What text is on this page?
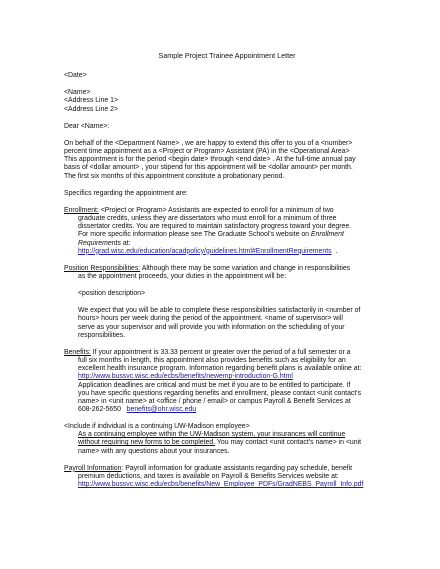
Sample Project Trainee Appointment Letter

<Date>

<Name>

<Address Line 1>

<Address Line 2>

Dear <Name>:

On behalf of the <Department Name> , we are happy to extend this offer to you of a <number>

percent time appointment as a <Project or Program> Assistant (PA) in the <Operational Area>

This appointment is for the period <begin date> through <end date> . At the full-time annual pay

basis of <dollar amount> , your stipend for this appointment will be <dollar amount> per month.

The first six months of this appointment constitute a probationary period.

Specifics regarding the appointment are:

Enrollment: <Project or Program> Assistants are expected to enroll for a minimum of two

graduate credits, unless they are dissertators who must enroll for a minimum of three

dissertator credits. You are required to maintain satisfactory progress toward your degree.

For more specific information please see The Graduate School's website on Enrollment

Requirements at:

http://grad.wisc.edu/education/acadpolicy/guidelines.html#EnrollmentRequirements .

Position Responsibilities: Although there may be some variation and change in responsibilities

as the appointment proceeds, your duties in the appointment will be:

<position description>

We expect that you will be able to complete these responsibilities satisfactorily in <number of

hours> hours per week during the period of the appointment. <name of supervisor> will

serve as your supervisor and will provide you with information on the scheduling of your

responsibilities.

Benefits: If your appointment is 33.33 percent or greater over the period of a full semester or a

full six months in length, this appointment also provides benefits such as eligibility for an

excellent health insurance program. Information regarding benefit plans is available online at:

http://www.bussvc.wisc.edu/ecbs/benefits/newemp-introduction-G.html

Application deadlines are critical and must be met if you are to be entitled to participate. If

you have specific questions regarding benefits and enrollment, please contact <unit contact's

name> in <unit name> at <office / phone / email> or campus Payroll & Benefit Services at

608-262-5650 benefits@ohr.wisc.edu

<Include if individual is a continuing UW-Madison employee>

As a continuing employee within the UW-Madison system, your insurances will continue

without requiring new forms to be completed. You may contact <unit contact's name> in <unit

name> with any questions about your insurances.

Payroll Information: Payroll information for graduate assistants regarding pay schedule, benefit

premium deductions, and taxes is available on Payroll & Benefits Services website at:

http://www.bussvc.wisc.edu/ecbs/benefits/New_Employee_PDFs/GradNEBS_Payroll_Info.pdf
